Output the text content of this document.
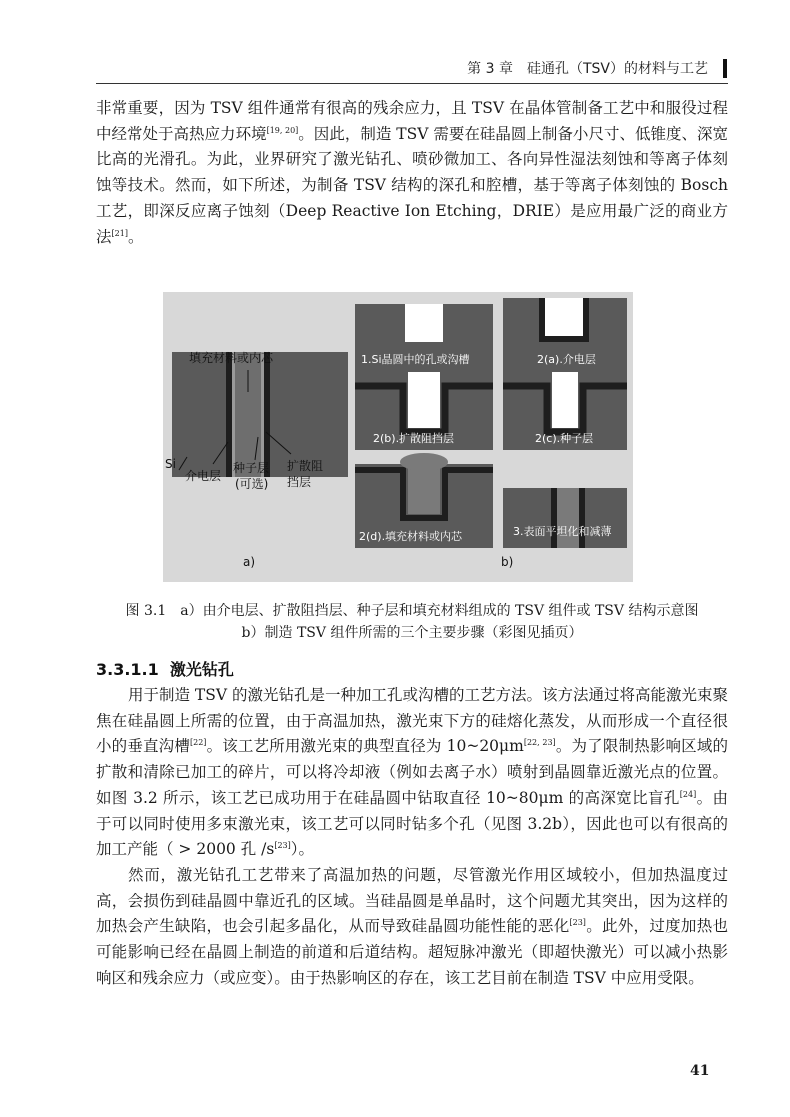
第 3 章　硅通孔（TSV）的材料与工艺

非常重要，因为 TSV 组件通常有很高的残余应力，且 TSV 在晶体管制备工艺中和服役过程中经常处于高热应力环境[19, 20]。因此，制造 TSV 需要在硅晶圆上制备小尺寸、低锥度、深宽比高的光滑孔。为此，业界研究了激光钻孔、喷砂微加工、各向异性湿法刻蚀和等离子体刻蚀等技术。然而，如下所述，为制备 TSV 结构的深孔和腔槽，基于等离子体刻蚀的 Bosch 工艺，即深反应离子蚀刻（Deep Reactive Ion Etching，DRIE）是应用最广泛的商业方法[21]。

填充材料或内芯
Si
介电层
种子层
(可选)
扩散阻
挡层
a)
1.Si晶圆中的孔或沟槽	2(a).介电层
2(b).扩散阻挡层	2(c).种子层
2(d).填充材料或内芯	3.表面平坦化和减薄
b)

图 3.1　a）由介电层、扩散阻挡层、种子层和填充材料组成的 TSV 组件或 TSV 结构示意图
b）制造 TSV 组件所需的三个主要步骤（彩图见插页）

3.3.1.1 激光钻孔

用于制造 TSV 的激光钻孔是一种加工孔或沟槽的工艺方法。该方法通过将高能激光束聚焦在硅晶圆上所需的位置，由于高温加热，激光束下方的硅熔化蒸发，从而形成一个直径很小的垂直沟槽[22]。该工艺所用激光束的典型直径为 10~20μm[22, 23]。为了限制热影响区域的扩散和清除已加工的碎片，可以将冷却液（例如去离子水）喷射到晶圆靠近激光点的位置。如图 3.2 所示，该工艺已成功用于在硅晶圆中钻取直径 10~80μm 的高深宽比盲孔[24]。由于可以同时使用多束激光束，该工艺可以同时钻多个孔（见图 3.2b），因此也可以有很高的加工产能（ > 2000 孔 /s[23]）。

然而，激光钻孔工艺带来了高温加热的问题，尽管激光作用区域较小，但加热温度过高，会损伤到硅晶圆中靠近孔的区域。当硅晶圆是单晶时，这个问题尤其突出，因为这样的加热会产生缺陷，也会引起多晶化，从而导致硅晶圆功能性能的恶化[23]。此外，过度加热也可能影响已经在晶圆上制造的前道和后道结构。超短脉冲激光（即超快激光）可以减小热影响区和残余应力（或应变）。由于热影响区的存在，该工艺目前在制造 TSV 中应用受限。

41
